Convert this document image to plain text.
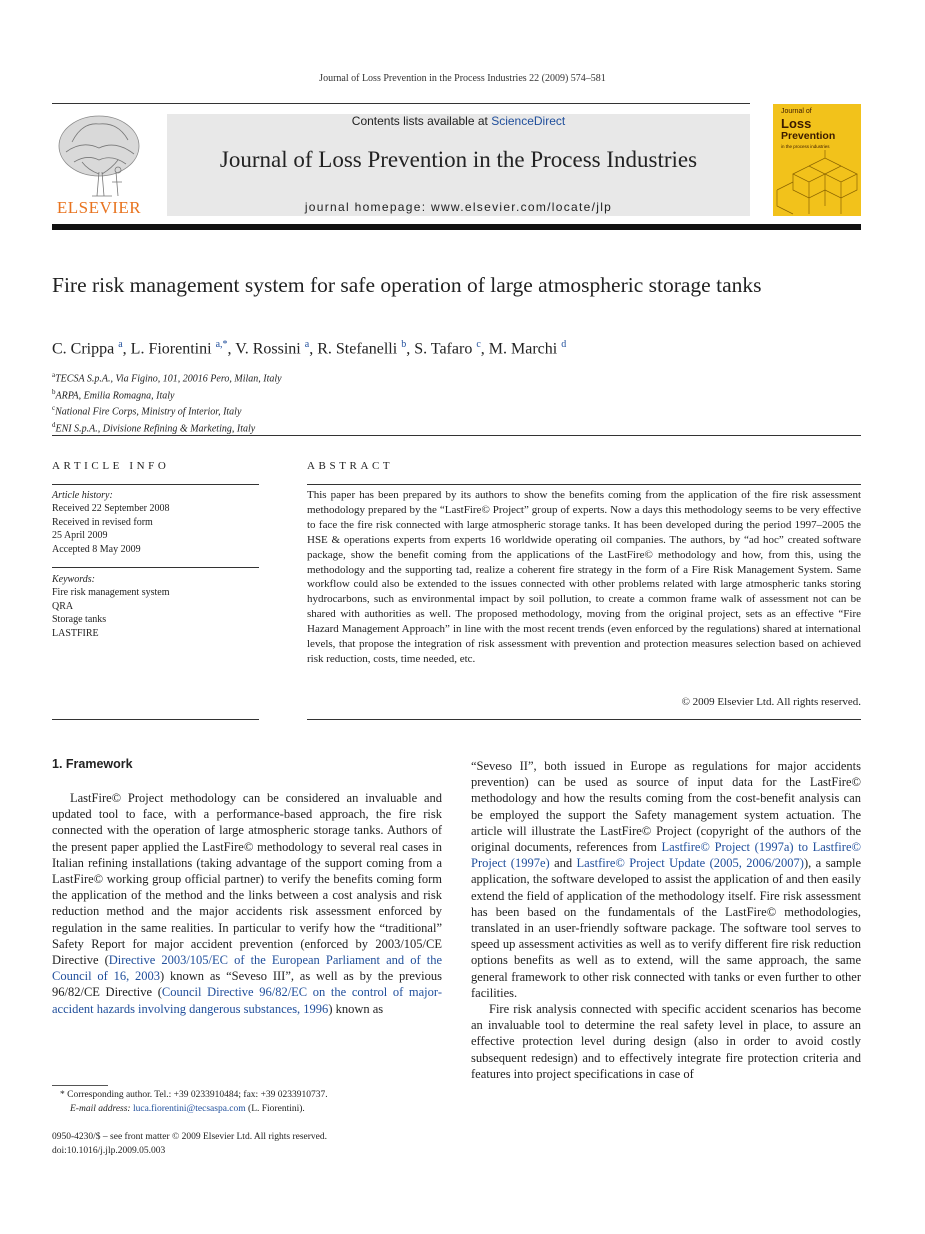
Journal of Loss Prevention in the Process Industries 22 (2009) 574–581
ELSEVIER
Contents lists available at ScienceDirect
Journal of Loss Prevention in the Process Industries
journal homepage: www.elsevier.com/locate/jlp
Journal of
Loss
Prevention
in the process industries
Fire risk management system for safe operation of large atmospheric storage tanks
C. Crippa $^a$, L. Fiorentini $^{a,*}$, V. Rossini $^a$, R. Stefanelli $^b$, S. Tafaro $^c$, M. Marchi $^d$
$^a$TECSA S.p.A., Via Figino, 101, 20016 Pero, Milan, Italy
$^b$ARPA, Emilia Romagna, Italy
$^c$National Fire Corps, Ministry of Interior, Italy
$^d$ENI S.p.A., Divisione Refining & Marketing, Italy
ARTICLE INFO
Article history:
Received 22 September 2008
Received in revised form
25 April 2009
Accepted 8 May 2009
Keywords:
Fire risk management system
QRA
Storage tanks
LASTFIRE
ABSTRACT
This paper has been prepared by its authors to show the benefits coming from the application of the fire risk assessment methodology prepared by the “LastFire© Project” group of experts. Now a days this methodology seems to be very effective to face the fire risk connected with large atmospheric storage tanks. It has been developed during the period 1997–2005 the HSE & operations experts from experts 16 worldwide operating oil companies. The authors, by “ad hoc” created software package, show the benefit coming from the applications of the LastFire© methodology and how, from this, using the methodology and the supporting tad, realize a coherent fire strategy in the form of a Fire Risk Management System. Same workflow could also be extended to the issues connected with other problems related with large atmospheric tanks storing hydrocarbons, such as environmental impact by soil pollution, to create a common frame walk of assessment not can be shared with authorities as well. The proposed methodology, moving from the original project, sets as an effective “Fire Hazard Management Approach” in line with the most recent trends (even enforced by the regulations) shared at international levels, that propose the integration of risk assessment with prevention and protection measures selection based on achieved risk reduction, costs, time needed, etc.
© 2009 Elsevier Ltd. All rights reserved.
1. Framework

LastFire© Project methodology can be considered an invaluable and updated tool to face, with a performance-based approach, the fire risk connected with the operation of large atmospheric storage tanks. Authors of the present paper applied the LastFire© methodology to several real cases in Italian refining installations (taking advantage of the support coming from a LastFire© working group official partner) to verify the benefits coming form the application of the method and the links between a cost analysis and risk reduction method and the major accidents risk assessment enforced by regulation in the same realities. In particular to verify how the “traditional” Safety Report for major accident prevention (enforced by 2003/105/CE Directive (Directive 2003/105/EC of the European Parliament and of the Council of 16, 2003) known as “Seveso III”, as well as by the previous 96/82/CE Directive (Council Directive 96/82/EC on the control of major-accident hazards involving dangerous substances, 1996) known as

“Seveso II”, both issued in Europe as regulations for major accidents prevention) can be used as source of input data for the LastFire© methodology and how the results coming from the cost-benefit analysis can be employed the support the Safety management system actuation. The article will illustrate the LastFire© Project (copyright of the authors of the original documents, references from Lastfire© Project (1997a) to Lastfire© Project (1997e) and Lastfire© Project Update (2005, 2006/2007)), a sample application, the software developed to assist the application of and then easily extend the field of application of the methodology itself. Fire risk assessment has been based on the fundamentals of the LastFire© methodologies, translated in an user-friendly software package. The software tool serves to speed up assessment activities as well as to verify different fire risk reduction options benefits as well as to extend, will the same approach, the same general framework to other risk connected with tanks or even further to other facilities.

Fire risk analysis connected with specific accident scenarios has become an invaluable tool to determine the real safety level in place, to assure an effective protection level during design (also in order to avoid costly subsequent redesign) and to effectively integrate fire protection criteria and features into project specifications in case of

* Corresponding author. Tel.: +39 0233910484; fax: +39 0233910737.
E-mail address: luca.fiorentini@tecsaspa.com (L. Fiorentini).
0950-4230/$ – see front matter © 2009 Elsevier Ltd. All rights reserved.
doi:10.1016/j.jlp.2009.05.003
